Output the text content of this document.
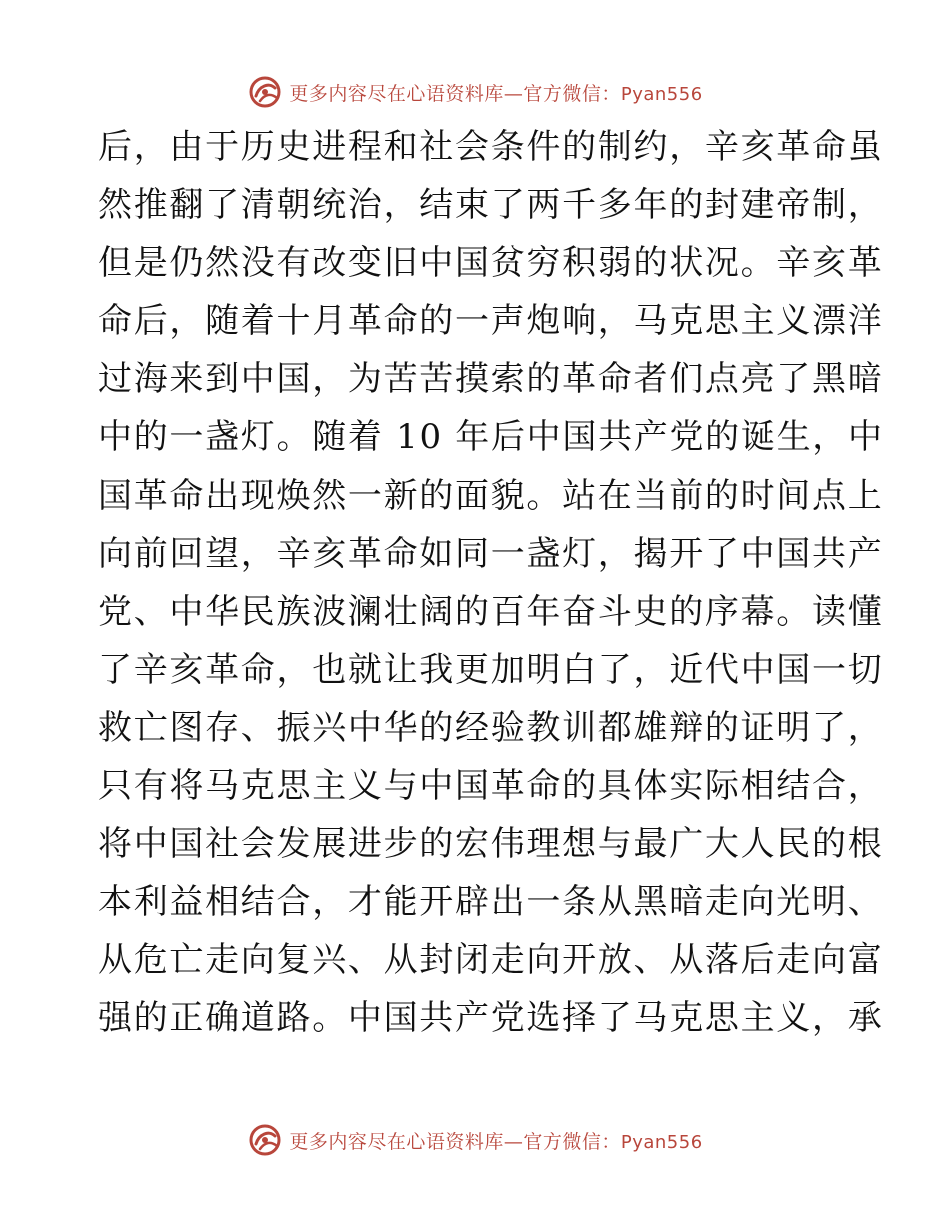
更多内容尽在心语资料库—官方微信：Pyan556
后，由于历史进程和社会条件的制约，辛亥革命虽
然推翻了清朝统治，结束了两千多年的封建帝制，
但是仍然没有改变旧中国贫穷积弱的状况。辛亥革
命后，随着十月革命的一声炮响，马克思主义漂洋
过海来到中国，为苦苦摸索的革命者们点亮了黑暗
中的一盏灯。随着 10 年后中国共产党的诞生，中
国革命出现焕然一新的面貌。站在当前的时间点上
向前回望，辛亥革命如同一盏灯，揭开了中国共产
党、中华民族波澜壮阔的百年奋斗史的序幕。读懂
了辛亥革命，也就让我更加明白了，近代中国一切
救亡图存、振兴中华的经验教训都雄辩的证明了，
只有将马克思主义与中国革命的具体实际相结合，
将中国社会发展进步的宏伟理想与最广大人民的根
本利益相结合，才能开辟出一条从黑暗走向光明、
从危亡走向复兴、从封闭走向开放、从落后走向富
强的正确道路。中国共产党选择了马克思主义，承
更多内容尽在心语资料库—官方微信：Pyan556
